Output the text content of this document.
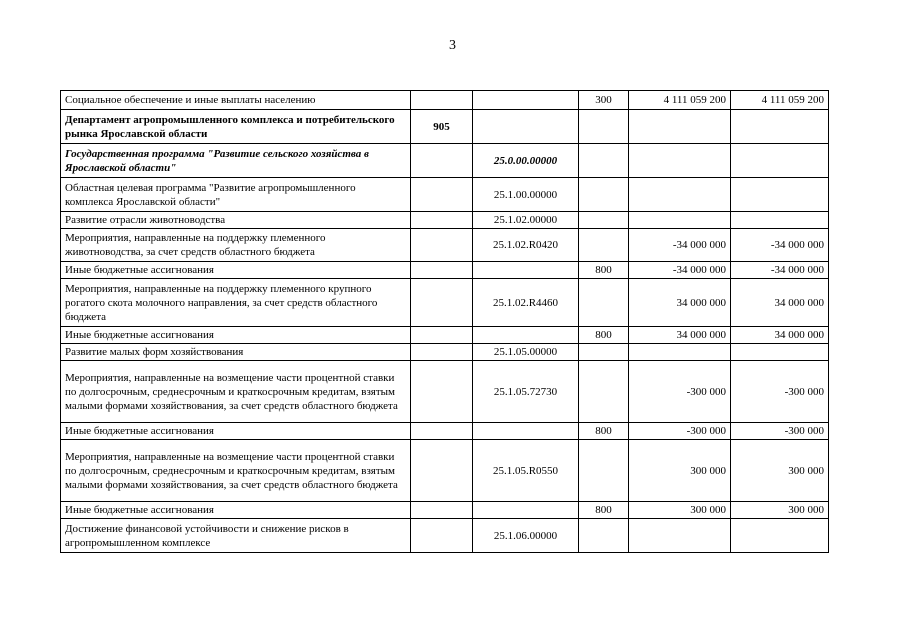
3
Социальное обеспечение и иные выплаты населению			300	4 111 059 200	4 111 059 200
Департамент агропромышленного комплекса и потребительского рынка Ярославской области	905				
Государственная программа "Развитие сельского хозяйства в Ярославской области"		25.0.00.00000			
Областная целевая программа "Развитие агропромышленного комплекса Ярославской области"		25.1.00.00000			
Развитие отрасли животноводства		25.1.02.00000			
Мероприятия, направленные на поддержку племенного животноводства, за счет средств областного бюджета		25.1.02.R0420		-34 000 000	-34 000 000
Иные бюджетные ассигнования			800	-34 000 000	-34 000 000
Мероприятия, направленные на поддержку племенного крупного рогатого скота молочного направления, за счет средств областного бюджета		25.1.02.R4460		34 000 000	34 000 000
Иные бюджетные ассигнования			800	34 000 000	34 000 000
Развитие малых форм хозяйствования		25.1.05.00000			
Мероприятия, направленные на возмещение части процентной ставки по долгосрочным, среднесрочным и краткосрочным кредитам, взятым малыми формами хозяйствования, за счет средств областного бюджета		25.1.05.72730		-300 000	-300 000
Иные бюджетные ассигнования			800	-300 000	-300 000
Мероприятия, направленные на возмещение части процентной ставки по долгосрочным, среднесрочным и краткосрочным кредитам, взятым малыми формами хозяйствования, за счет средств областного бюджета		25.1.05.R0550		300 000	300 000
Иные бюджетные ассигнования			800	300 000	300 000
Достижение финансовой устойчивости и снижение рисков в агропромышленном комплексе		25.1.06.00000			
